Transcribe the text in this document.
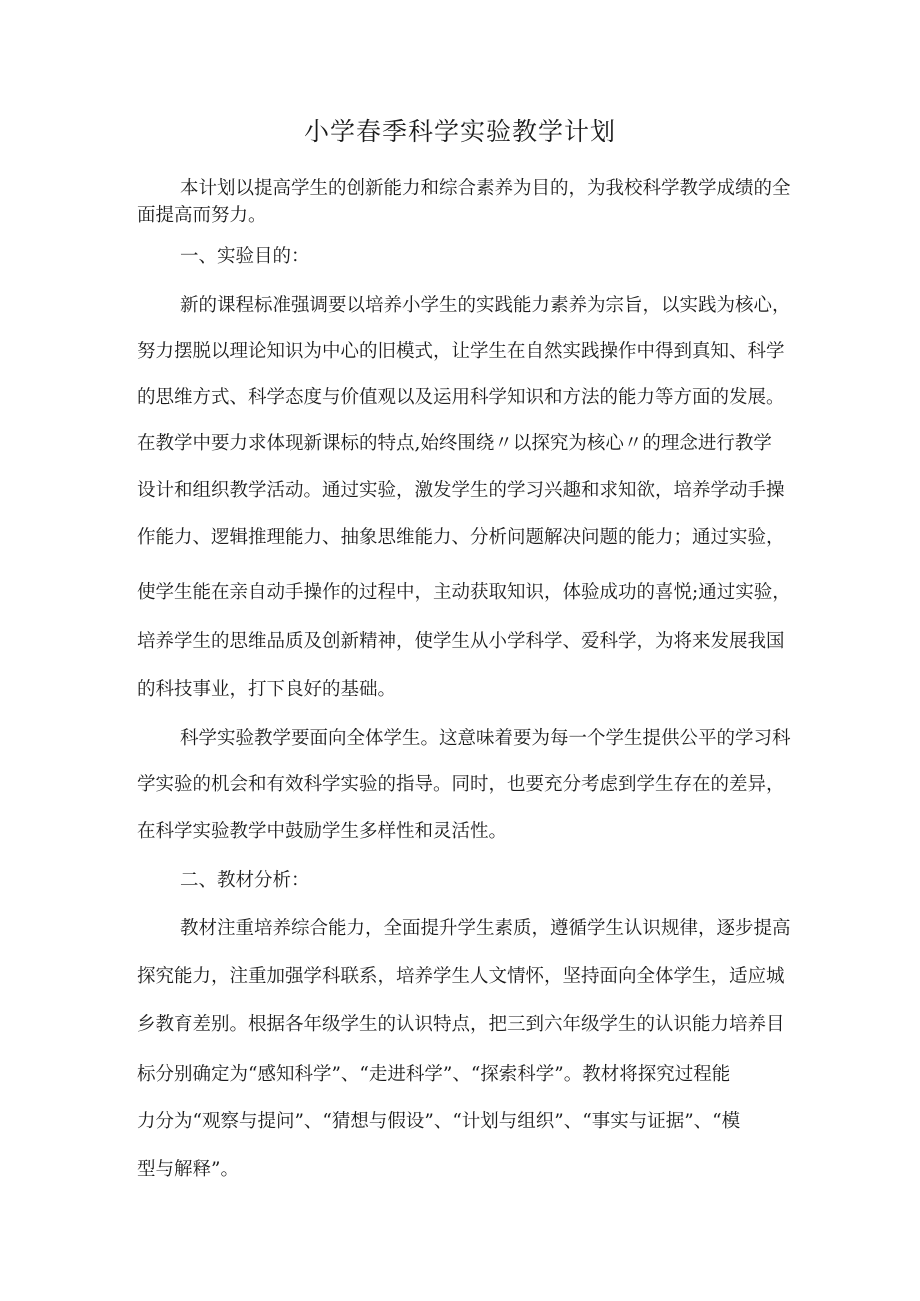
小学春季科学实验教学计划
本计划以提高学生的创新能力和综合素养为目的，为我校科学教学成绩的全
面提高而努力。
一、实验目的：
新的课程标准强调要以培养小学生的实践能力素养为宗旨，以实践为核心，
努力摆脱以理论知识为中心的旧模式，让学生在自然实践操作中得到真知、科学
的思维方式、科学态度与价值观以及运用科学知识和方法的能力等方面的发展。
在教学中要力求体现新课标的特点,始终围绕〃以探究为核心〃的理念进行教学
设计和组织教学活动。通过实验，激发学生的学习兴趣和求知欲，培养学动手操
作能力、逻辑推理能力、抽象思维能力、分析问题解决问题的能力；通过实验，
使学生能在亲自动手操作的过程中，主动获取知识，体验成功的喜悦;通过实验，
培养学生的思维品质及创新精神，使学生从小学科学、爱科学，为将来发展我国
的科技事业，打下良好的基础。
科学实验教学要面向全体学生。这意味着要为每一个学生提供公平的学习科
学实验的机会和有效科学实验的指导。同时，也要充分考虑到学生存在的差异，
在科学实验教学中鼓励学生多样性和灵活性。
二、教材分析：
教材注重培养综合能力，全面提升学生素质，遵循学生认识规律，逐步提高
探究能力，注重加强学科联系，培养学生人文情怀，坚持面向全体学生，适应城
乡教育差别。根据各年级学生的认识特点，把三到六年级学生的认识能力培养目
标分别确定为“感知科学”、“走进科学”、“探索科学”。教材将探究过程能
力分为“观察与提问”、“猜想与假设”、“计划与组织”、“事实与证据”、“模
型与解释”。
